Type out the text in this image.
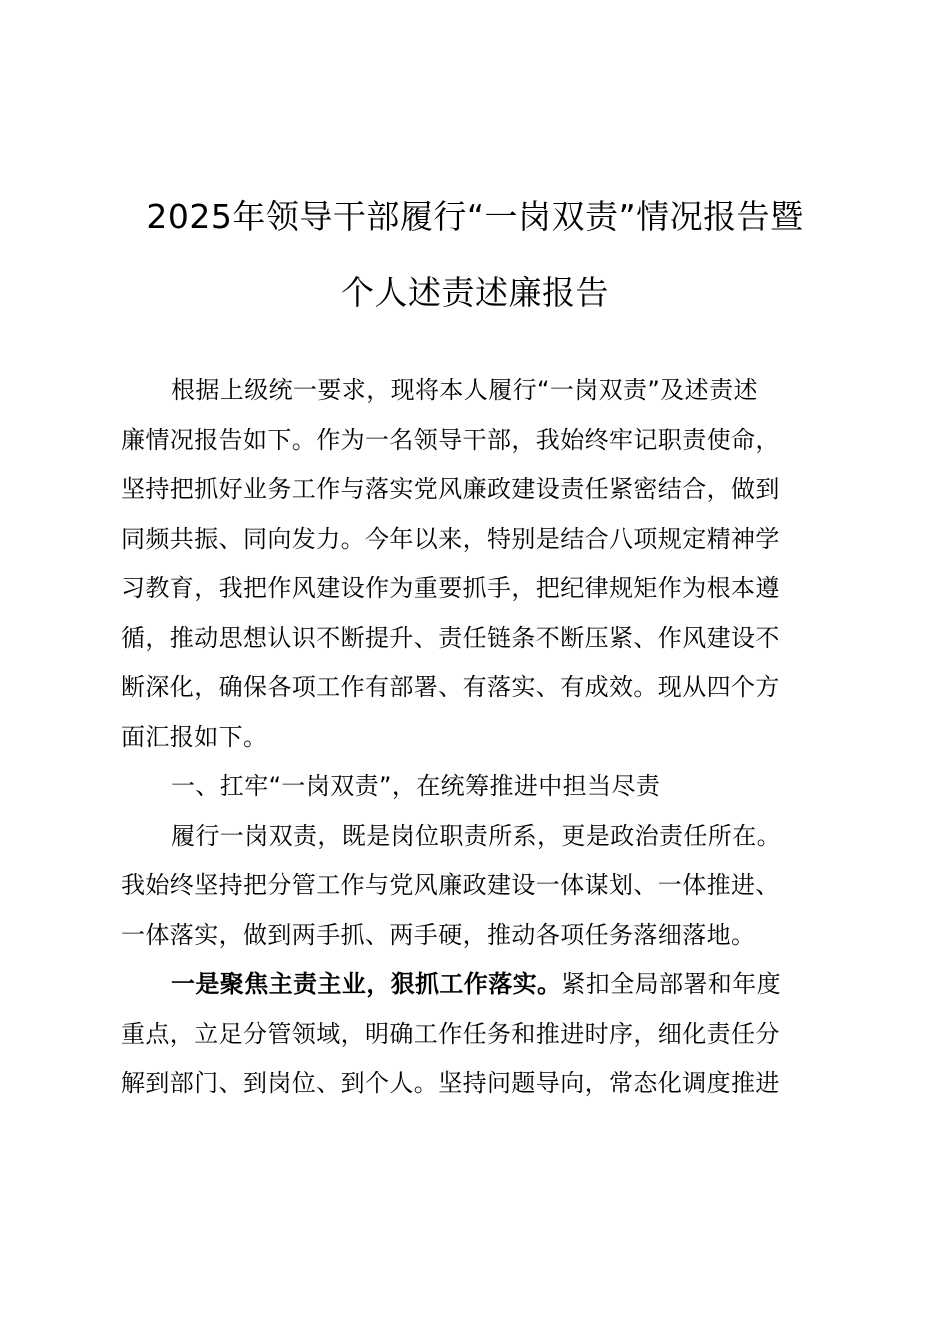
2025年领导干部履行“一岗双责”情况报告暨
个人述责述廉报告
根据上级统一要求，现将本人履行“一岗双责”及述责述
廉情况报告如下。作为一名领导干部，我始终牢记职责使命，
坚持把抓好业务工作与落实党风廉政建设责任紧密结合，做到
同频共振、同向发力。今年以来，特别是结合八项规定精神学
习教育，我把作风建设作为重要抓手，把纪律规矩作为根本遵
循，推动思想认识不断提升、责任链条不断压紧、作风建设不
断深化，确保各项工作有部署、有落实、有成效。现从四个方
面汇报如下。
一、扛牢“一岗双责”，在统筹推进中担当尽责
履行一岗双责，既是岗位职责所系，更是政治责任所在。
我始终坚持把分管工作与党风廉政建设一体谋划、一体推进、
一体落实，做到两手抓、两手硬，推动各项任务落细落地。
一是聚焦主责主业，狠抓工作落实。紧扣全局部署和年度
重点，立足分管领域，明确工作任务和推进时序，细化责任分
解到部门、到岗位、到个人。坚持问题导向，常态化调度推进
